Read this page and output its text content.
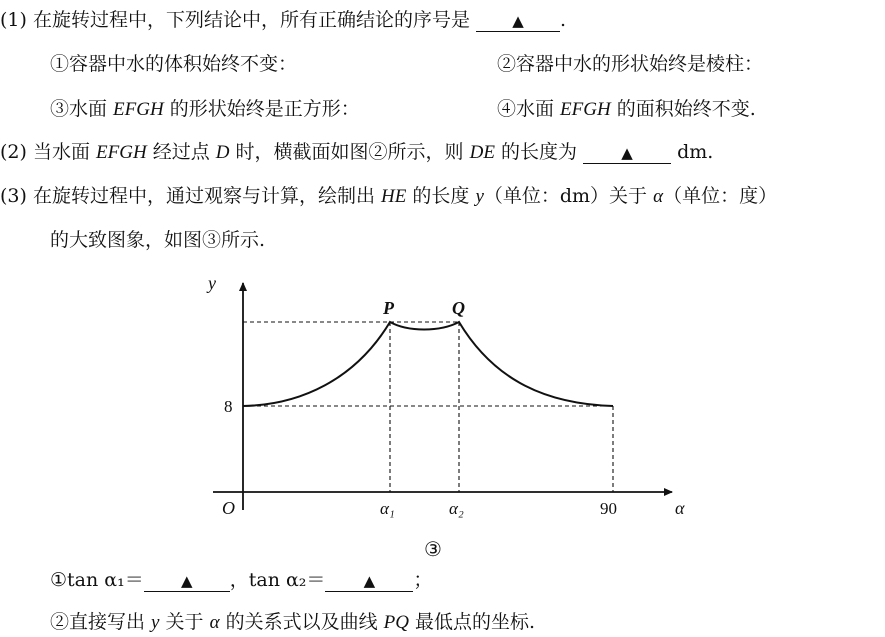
(1) 在旋转过程中，下列结论中，所有正确结论的序号是	▲ .
①容器中水的体积始终不变：	②容器中水的形状始终是棱柱：
③水面 EFGH 的形状始终是正方形：	④水面 EFGH 的面积始终不变.
(2) 当水面 EFGH 经过点 D 时，横截面如图②所示，则 DE 的长度为	▲ dm.
(3) 在旋转过程中，通过观察与计算，绘制出 HE 的长度 y（单位：dm）关于 α（单位：度）
的大致图象，如图③所示.
y
α
O
8
α₁	α₂	90
P	Q
③
①tan α₁＝ ▲ ，tan α₂＝	▲ ；
②直接写出 y 关于 α 的关系式以及曲线 PQ 最低点的坐标.
